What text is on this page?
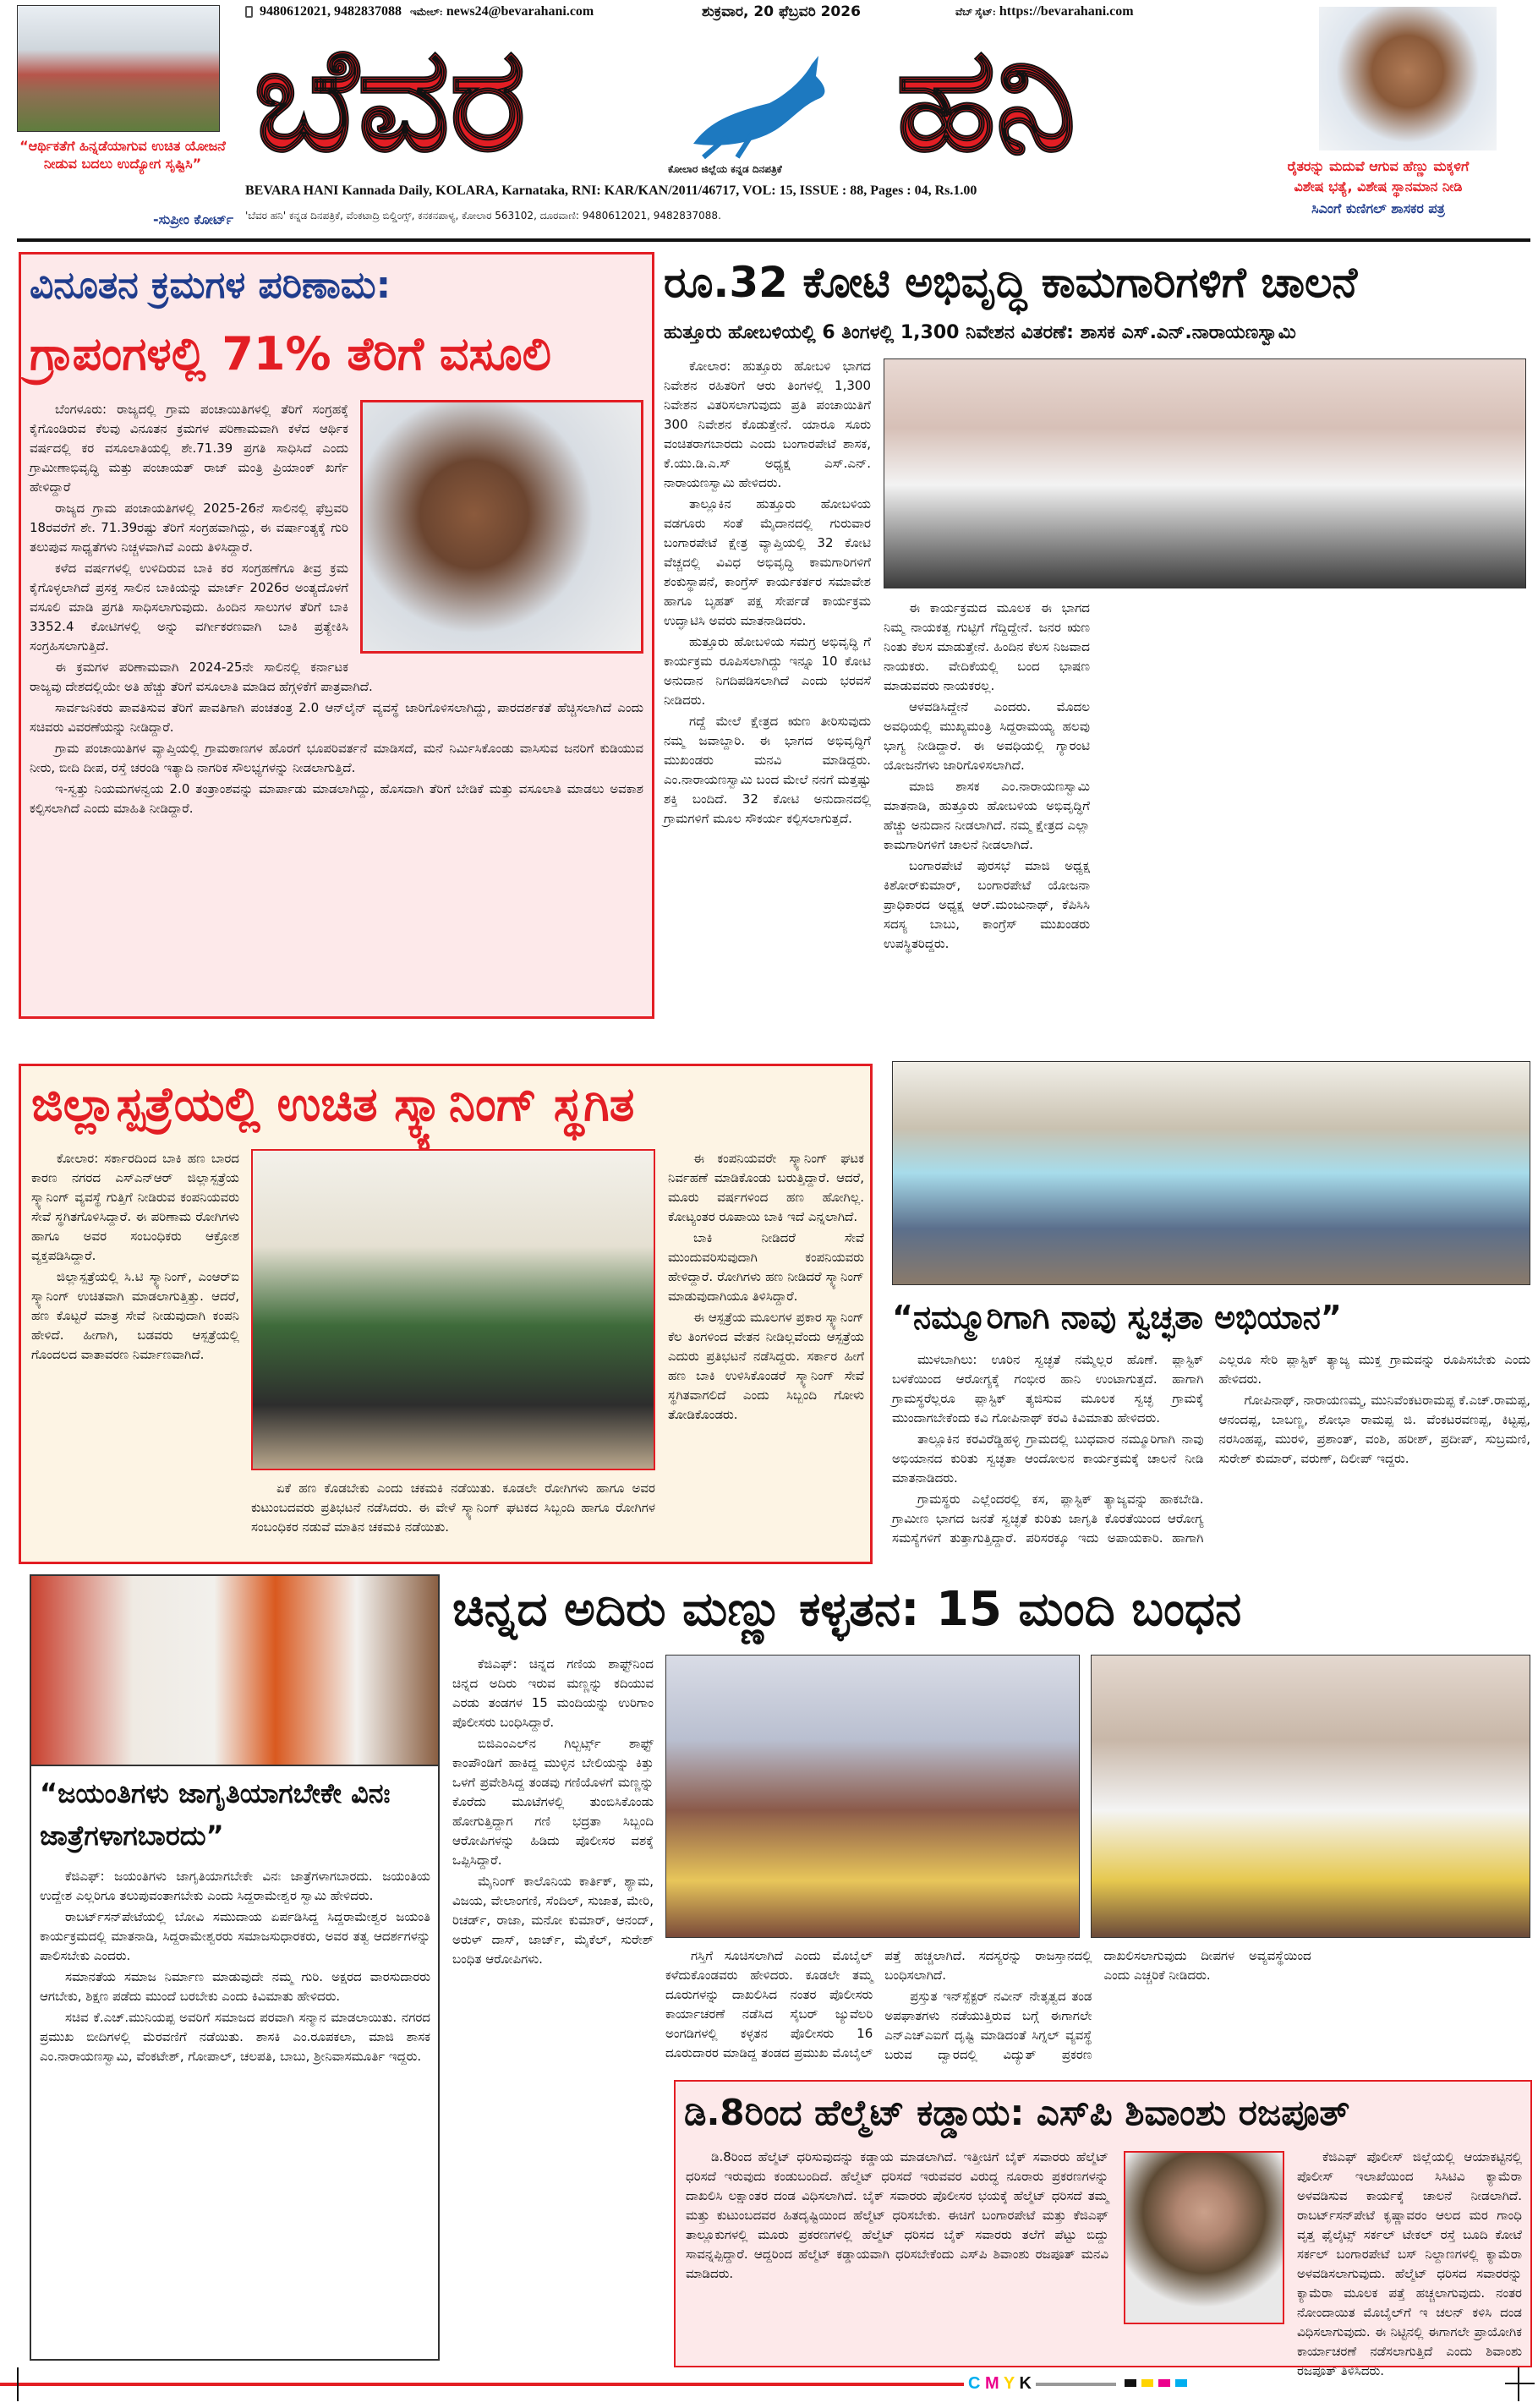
“ಆರ್ಥಿಕತೆಗೆ ಹಿನ್ನಡೆಯಾಗುವ ಉಚಿತ ಯೋಜನೆ ನೀಡುವ ಬದಲು ಉದ್ಯೋಗ ಸೃಷ್ಟಿಸಿ”
-ಸುಪ್ರೀಂ ಕೋರ್ಟ್
9480612021, 9482837088 ಇಮೇಲ್: news24@bevarahani.com	ಶುಕ್ರವಾರ, 20 ಫೆಬ್ರವರಿ 2026	ವೆಬ್ ಸೈಟ್: https://bevarahani.com
ಬೆವರ	ಹನಿ
ಕೋಲಾರ ಜಿಲ್ಲೆಯ ಕನ್ನಡ ದಿನಪತ್ರಿಕೆ
BEVARA HANI Kannada Daily, KOLARA, Karnataka, RNI: KAR/KAN/2011/46717, VOL: 15, ISSUE : 88, Pages : 04, Rs.1.00
'ಬೆವರ ಹನಿ' ಕನ್ನಡ ದಿನಪತ್ರಿಕೆ, ವೆಂಕಟಾದ್ರಿ ಬಿಲ್ಡಿಂಗ್ಸ್, ಕನಕನಪಾಳ್ಯ, ಕೋಲಾರ 563102, ದೂರವಾಣಿ: 9480612021, 9482837088.
ರೈತರನ್ನು ಮದುವೆ ಆಗುವ ಹೆಣ್ಣು ಮಕ್ಕಳಿಗೆ
ವಿಶೇಷ ಭತ್ಯೆ, ವಿಶೇಷ ಸ್ಥಾನಮಾನ ನೀಡಿ
ಸಿಎಂಗೆ ಕುಣಿಗಲ್ ಶಾಸಕರ ಪತ್ರ
ವಿನೂತನ ಕ್ರಮಗಳ ಪರಿಣಾಮ:
ಗ್ರಾಪಂಗಳಲ್ಲಿ 71% ತೆರಿಗೆ ವಸೂಲಿ

ಬೆಂಗಳೂರು: ರಾಜ್ಯದಲ್ಲಿ ಗ್ರಾಮ ಪಂಚಾಯಿತಿಗಳಲ್ಲಿ ತೆರಿಗೆ ಸಂಗ್ರಹಕ್ಕೆ ಕೈಗೊಂಡಿರುವ ಕೆಲವು ವಿನೂತನ ಕ್ರಮಗಳ ಪರಿಣಾಮವಾಗಿ ಕಳೆದ ಆರ್ಥಿಕ ವರ್ಷದಲ್ಲಿ ಕರ ವಸೂಲಾತಿಯಲ್ಲಿ ಶೇ.71.39 ಪ್ರಗತಿ ಸಾಧಿಸಿದೆ ಎಂದು ಗ್ರಾಮೀಣಾಭಿವೃದ್ಧಿ ಮತ್ತು ಪಂಚಾಯತ್ ರಾಜ್ ಮಂತ್ರಿ ಪ್ರಿಯಾಂಕ್ ಖರ್ಗೆ ಹೇಳಿದ್ದಾರೆ

ರಾಜ್ಯದ ಗ್ರಾಮ ಪಂಚಾಯತಿಗಳಲ್ಲಿ 2025-26ನೆ ಸಾಲಿನಲ್ಲಿ ಫೆಬ್ರವರಿ 18ರವರೆಗೆ ಶೇ. 71.39ರಷ್ಟು ತೆರಿಗೆ ಸಂಗ್ರಹವಾಗಿದ್ದು, ಈ ವರ್ಷಾಂತ್ಯಕ್ಕೆ ಗುರಿ ತಲುಪುವ ಸಾಧ್ಯತೆಗಳು ನಿಚ್ಚಳವಾಗಿವೆ ಎಂದು ತಿಳಿಸಿದ್ದಾರೆ.

ಕಳೆದ ವರ್ಷಗಳಲ್ಲಿ ಉಳಿದಿರುವ ಬಾಕಿ ಕರ ಸಂಗ್ರಹಣೆಗೂ ತೀವ್ರ ಕ್ರಮ ಕೈಗೊಳ್ಳಲಾಗಿದೆ ಪ್ರಸಕ್ತ ಸಾಲಿನ ಬಾಕಿಯನ್ನು ಮಾರ್ಚ್ 2026ರ ಅಂತ್ಯದೊಳಗೆ ವಸೂಲಿ ಮಾಡಿ ಪ್ರಗತಿ ಸಾಧಿಸಲಾಗುವುದು. ಹಿಂದಿನ ಸಾಲುಗಳ ತೆರಿಗೆ ಬಾಕಿ 3352.4 ಕೋಟಿಗಳಲ್ಲಿ ಅನ್ನು ವರ್ಗೀಕರಣವಾಗಿ ಬಾಕಿ ಪ್ರತ್ಯೇಕಿಸಿ ಸಂಗ್ರಹಿಸಲಾಗುತ್ತಿದೆ.

ಈ ಕ್ರಮಗಳ ಪರಿಣಾಮವಾಗಿ 2024-25ನೇ ಸಾಲಿನಲ್ಲಿ ಕರ್ನಾಟಕ ರಾಜ್ಯವು ದೇಶದಲ್ಲಿಯೇ ಅತಿ ಹೆಚ್ಚು ತೆರಿಗೆ ವಸೂಲಾತಿ ಮಾಡಿದ ಹೆಗ್ಗಳಿಕೆಗೆ ಪಾತ್ರವಾಗಿದೆ.

ಸಾರ್ವಜನಿಕರು ಪಾವತಿಸುವ ತೆರಿಗೆ ಪಾವತಿಗಾಗಿ ಪಂಚತಂತ್ರ 2.0 ಆನ್‌ಲೈನ್ ವ್ಯವಸ್ಥೆ ಜಾರಿಗೊಳಿಸಲಾಗಿದ್ದು, ಪಾರದರ್ಶಕತೆ ಹೆಚ್ಚಿಸಲಾಗಿದೆ ಎಂದು ಸಚಿವರು ವಿವರಣೆಯನ್ನು ನೀಡಿದ್ದಾರೆ.

ಗ್ರಾಮ ಪಂಚಾಯಿತಿಗಳ ವ್ಯಾಪ್ತಿಯಲ್ಲಿ ಗ್ರಾಮಠಾಣಗಳ ಹೊರಗೆ ಭೂಪರಿವರ್ತನೆ ಮಾಡಿಸದೆ, ಮನೆ ನಿರ್ಮಿಸಿಕೊಂಡು ವಾಸಿಸುವ ಜನರಿಗೆ ಕುಡಿಯುವ ನೀರು, ಬೀದಿ ದೀಪ, ರಸ್ತೆ ಚರಂಡಿ ಇತ್ಯಾದಿ ನಾಗರಿಕ ಸೌಲಭ್ಯಗಳನ್ನು ನೀಡಲಾಗುತ್ತಿದೆ.

ಇ-ಸ್ವತ್ತು ನಿಯಮಗಳನ್ವಯ 2.0 ತಂತ್ರಾಂಶವನ್ನು ಮಾರ್ಪಾಡು ಮಾಡಲಾಗಿದ್ದು, ಹೊಸದಾಗಿ ತೆರಿಗೆ ಬೇಡಿಕೆ ಮತ್ತು ವಸೂಲಾತಿ ಮಾಡಲು ಅವಕಾಶ ಕಲ್ಪಿಸಲಾಗಿದೆ ಎಂದು ಮಾಹಿತಿ ನೀಡಿದ್ದಾರೆ.

ರೂ.32 ಕೋಟಿ ಅಭಿವೃದ್ಧಿ ಕಾಮಗಾರಿಗಳಿಗೆ ಚಾಲನೆ
ಹುತ್ತೂರು ಹೋಬಳಿಯಲ್ಲಿ 6 ತಿಂಗಳಲ್ಲಿ 1,300 ನಿವೇಶನ ವಿತರಣೆ: ಶಾಸಕ ಎಸ್.ಎನ್.ನಾರಾಯಣಸ್ವಾಮಿ

ಕೋಲಾರ: ಹುತ್ತೂರು ಹೋಬಳಿ ಭಾಗದ ನಿವೇಶನ ರಹಿತರಿಗೆ ಆರು ತಿಂಗಳಲ್ಲಿ 1,300 ನಿವೇಶನ ವಿತರಿಸಲಾಗುವುದು ಪ್ರತಿ ಪಂಚಾಯಿತಿಗೆ 300 ನಿವೇಶನ ಕೊಡುತ್ತೇನೆ. ಯಾರೂ ಸೂರು ವಂಚಿತರಾಗಬಾರದು ಎಂದು ಬಂಗಾರಪೇಟೆ ಶಾಸಕ, ಕೆ.ಯು.ಡಿ.ಎ.ಸ್ ಅಧ್ಯಕ್ಷ ಎಸ್.ಎನ್. ನಾರಾಯಣಸ್ವಾಮಿ ಹೇಳಿದರು.

ತಾಲ್ಲೂಕಿನ ಹುತ್ತೂರು ಹೋಬಳಿಯ ವಡಗೂರು ಸಂತೆ ಮೈದಾನದಲ್ಲಿ ಗುರುವಾರ ಬಂಗಾರಪೇಟೆ ಕ್ಷೇತ್ರ ವ್ಯಾಪ್ತಿಯಲ್ಲಿ 32 ಕೋಟಿ ವೆಚ್ಚದಲ್ಲಿ ವಿವಿಧ ಅಭಿವೃದ್ಧಿ ಕಾಮಗಾರಿಗಳಿಗೆ ಶಂಕುಸ್ಥಾಪನೆ, ಕಾಂಗ್ರೆಸ್ ಕಾರ್ಯಕರ್ತರ ಸಮಾವೇಶ ಹಾಗೂ ಬೃಹತ್ ಪಕ್ಷ ಸೇರ್ಪಡೆ ಕಾರ್ಯಕ್ರಮ ಉದ್ಘಾಟಿಸಿ ಅವರು ಮಾತನಾಡಿದರು.

ಹುತ್ತೂರು ಹೋಬಳಿಯ ಸಮಗ್ರ ಅಭಿವೃದ್ಧಿ ಗೆ ಕಾರ್ಯಕ್ರಮ ರೂಪಿಸಲಾಗಿದ್ದು ಇನ್ನೂ 10 ಕೋಟಿ ಅನುದಾನ ನಿಗದಿಪಡಿಸಲಾಗಿದೆ ಎಂದು ಭರವಸೆ ನೀಡಿದರು.

ಗದ್ದೆ ಮೇಲೆ ಕ್ಷೇತ್ರದ ಋಣ ತೀರಿಸುವುದು ನಮ್ಮ ಜವಾಬ್ದಾರಿ. ಈ ಭಾಗದ ಅಭಿವೃದ್ಧಿಗೆ ಮುಖಂಡರು ಮನವಿ ಮಾಡಿದ್ದರು. ಎಂ.ನಾರಾಯಣಸ್ವಾಮಿ ಬಂದ ಮೇಲೆ ನನಗೆ ಮತ್ತಷ್ಟು ಶಕ್ತಿ ಬಂದಿದೆ. 32 ಕೋಟಿ ಅನುದಾನದಲ್ಲಿ ಗ್ರಾಮಗಳಿಗೆ ಮೂಲ ಸೌಕರ್ಯ ಕಲ್ಪಿಸಲಾಗುತ್ತದೆ.

ಈ ಕಾರ್ಯಕ್ರಮದ ಮೂಲಕ ಈ ಭಾಗದ ನಿಮ್ಮ ನಾಯಕತ್ವ ಗುಟ್ಟಿಗೆ ಗೆದ್ದಿದ್ದೇನೆ. ಜನರ ಋಣ ನಿಂತು ಕೆಲಸ ಮಾಡುತ್ತೇನೆ. ಹಿಂದಿನ ಕೆಲಸ ನಿಜವಾದ ನಾಯಕರು. ವೇದಿಕೆಯಲ್ಲಿ ಬಂದ ಭಾಷಣ ಮಾಡುವವರು ನಾಯಕರಲ್ಲ.

ಆಳವಡಿಸಿದ್ದೇನೆ ಎಂದರು. ಮೊದಲ ಅವಧಿಯಲ್ಲಿ ಮುಖ್ಯಮಂತ್ರಿ ಸಿದ್ದರಾಮಯ್ಯ ಹಲವು ಭಾಗ್ಯ ನೀಡಿದ್ದಾರೆ. ಈ ಅವಧಿಯಲ್ಲಿ ಗ್ಯಾರಂಟಿ ಯೋಜನೆಗಳು ಜಾರಿಗೊಳಿಸಲಾಗಿದೆ.

ಮಾಜಿ ಶಾಸಕ ಎಂ.ನಾರಾಯಣಸ್ವಾಮಿ ಮಾತನಾಡಿ, ಹುತ್ತೂರು ಹೋಬಳಿಯ ಅಭಿವೃದ್ಧಿಗೆ ಹೆಚ್ಚು ಅನುದಾನ ನೀಡಲಾಗಿದೆ. ನಮ್ಮ ಕ್ಷೇತ್ರದ ಎಲ್ಲಾ ಕಾಮಗಾರಿಗಳಿಗೆ ಚಾಲನೆ ನೀಡಲಾಗಿದೆ.

ಬಂಗಾರಪೇಟೆ ಪುರಸಭೆ ಮಾಜಿ ಅಧ್ಯಕ್ಷ ಕಿಶೋರ್‌ಕುಮಾರ್, ಬಂಗಾರಪೇಟೆ ಯೋಜನಾ ಪ್ರಾಧಿಕಾರದ ಅಧ್ಯಕ್ಷ ಆರ್.ಮಂಜುನಾಥ್, ಕೆಪಿಸಿಸಿ ಸದಸ್ಯ ಬಾಬು, ಕಾಂಗ್ರೆಸ್ ಮುಖಂಡರು ಉಪಸ್ಥಿತರಿದ್ದರು.

ಜಿಲ್ಲಾಸ್ಪತ್ರೆಯಲ್ಲಿ ಉಚಿತ ಸ್ಕ್ಯಾನಿಂಗ್ ಸ್ಥಗಿತ

ಕೋಲಾರ: ಸರ್ಕಾರದಿಂದ ಬಾಕಿ ಹಣ ಬಾರದ ಕಾರಣ ನಗರದ ಎಸ್‌ಎನ್‌ಆರ್ ಜಿಲ್ಲಾಸ್ಪತ್ರೆಯ ಸ್ಕ್ಯಾನಿಂಗ್ ವ್ಯವಸ್ಥೆ ಗುತ್ತಿಗೆ ನೀಡಿರುವ ಕಂಪನಿಯವರು ಸೇವೆ ಸ್ಥಗಿತಗೊಳಿಸಿದ್ದಾರೆ. ಈ ಪರಿಣಾಮ ರೋಗಿಗಳು ಹಾಗೂ ಅವರ ಸಂಬಂಧಿಕರು ಆಕ್ರೋಶ ವ್ಯಕ್ತಪಡಿಸಿದ್ದಾರೆ.

ಜಿಲ್ಲಾಸ್ಪತ್ರೆಯಲ್ಲಿ ಸಿ.ಟಿ ಸ್ಕ್ಯಾನಿಂಗ್, ಎಂಆರ್‌ಐ ಸ್ಕ್ಯಾನಿಂಗ್ ಉಚಿತವಾಗಿ ಮಾಡಲಾಗುತ್ತಿತ್ತು. ಆದರೆ, ಹಣ ಕೊಟ್ಟರೆ ಮಾತ್ರ ಸೇವೆ ನೀಡುವುದಾಗಿ ಕಂಪನಿ ಹೇಳಿದೆ. ಹೀಗಾಗಿ, ಬಡವರು ಆಸ್ಪತ್ರೆಯಲ್ಲಿ ಗೊಂದಲದ ವಾತಾವರಣ ನಿರ್ಮಾಣವಾಗಿದೆ.

ಏಕೆ ಹಣ ಕೊಡಬೇಕು ಎಂದು ಚಕಮಕಿ ನಡೆಯಿತು. ಕೂಡಲೇ ರೋಗಿಗಳು ಹಾಗೂ ಅವರ ಕುಟುಂಬದವರು ಪ್ರತಿಭಟನೆ ನಡೆಸಿದರು. ಈ ವೇಳೆ ಸ್ಕ್ಯಾನಿಂಗ್ ಘಟಕದ ಸಿಬ್ಬಂದಿ ಹಾಗೂ ರೋಗಿಗಳ ಸಂಬಂಧಿಕರ ನಡುವೆ ಮಾತಿನ ಚಕಮಕಿ ನಡೆಯಿತು.

ಈ ಕಂಪನಿಯವರೇ ಸ್ಕ್ಯಾನಿಂಗ್ ಘಟಕ ನಿರ್ವಹಣೆ ಮಾಡಿಕೊಂಡು ಬರುತ್ತಿದ್ದಾರೆ. ಆದರೆ, ಮೂರು ವರ್ಷಗಳಿಂದ ಹಣ ಹೋಗಿಲ್ಲ. ಕೋಟ್ಯಂತರ ರೂಪಾಯಿ ಬಾಕಿ ಇದೆ ಎನ್ನಲಾಗಿದೆ.

ಬಾಕಿ ನೀಡಿದರೆ ಸೇವೆ ಮುಂದುವರಿಸುವುದಾಗಿ ಕಂಪನಿಯವರು ಹೇಳಿದ್ದಾರೆ. ರೋಗಿಗಳು ಹಣ ನೀಡಿದರೆ ಸ್ಕ್ಯಾನಿಂಗ್ ಮಾಡುವುದಾಗಿಯೂ ತಿಳಿಸಿದ್ದಾರೆ.

ಈ ಆಸ್ಪತ್ರೆಯ ಮೂಲಗಳ ಪ್ರಕಾರ ಸ್ಕ್ಯಾನಿಂಗ್ ಕೆಲ ತಿಂಗಳಿಂದ ವೇತನ ನೀಡಿಲ್ಲವೆಂದು ಆಸ್ಪತ್ರೆಯ ಎದುರು ಪ್ರತಿಭಟನೆ ನಡೆಸಿದ್ದರು. ಸರ್ಕಾರ ಹೀಗೆ ಹಣ ಬಾಕಿ ಉಳಿಸಿಕೊಂಡರೆ ಸ್ಕ್ಯಾನಿಂಗ್ ಸೇವೆ ಸ್ಥಗಿತವಾಗಲಿದೆ ಎಂದು ಸಿಬ್ಬಂದಿ ಗೋಳು ತೋಡಿಕೊಂಡರು.

“ನಮ್ಮೂರಿಗಾಗಿ ನಾವು ಸ್ವಚ್ಛತಾ ಅಭಿಯಾನ”

ಮುಳಬಾಗಿಲು: ಊರಿನ ಸ್ವಚ್ಛತೆ ನಮ್ಮೆಲ್ಲರ ಹೊಣೆ. ಪ್ಲಾಸ್ಟಿಕ್ ಬಳಕೆಯಿಂದ ಆರೋಗ್ಯಕ್ಕೆ ಗಂಭೀರ ಹಾನಿ ಉಂಟಾಗುತ್ತದೆ. ಹಾಗಾಗಿ ಗ್ರಾಮಸ್ಥರೆಲ್ಲರೂ ಪ್ಲಾಸ್ಟಿಕ್ ತ್ಯಜಿಸುವ ಮೂಲಕ ಸ್ವಚ್ಛ ಗ್ರಾಮಕ್ಕೆ ಮುಂದಾಗಬೇಕೆಂದು ಕವಿ ಗೋಪಿನಾಥ್ ಕರವಿ ಕಿವಿಮಾತು ಹೇಳಿದರು.

ತಾಲ್ಲೂಕಿನ ಕರವಿರೆಡ್ಡಿಹಳ್ಳಿ ಗ್ರಾಮದಲ್ಲಿ ಬುಧವಾರ ನಮ್ಮೂರಿಗಾಗಿ ನಾವು ಅಭಿಯಾನದ ಕುರಿತು ಸ್ವಚ್ಛತಾ ಆಂದೋಲನ ಕಾರ್ಯಕ್ರಮಕ್ಕೆ ಚಾಲನೆ ನೀಡಿ ಮಾತನಾಡಿದರು.

ಗ್ರಾಮಸ್ಥರು ಎಲ್ಲೆಂದರಲ್ಲಿ ಕಸ, ಪ್ಲಾಸ್ಟಿಕ್ ತ್ಯಾಜ್ಯವನ್ನು ಹಾಕಬೇಡಿ. ಗ್ರಾಮೀಣ ಭಾಗದ ಜನತೆ ಸ್ವಚ್ಛತೆ ಕುರಿತು ಜಾಗೃತಿ ಕೊರತೆಯಿಂದ ಆರೋಗ್ಯ ಸಮಸ್ಯೆಗಳಿಗೆ ತುತ್ತಾಗುತ್ತಿದ್ದಾರೆ. ಪರಿಸರಕ್ಕೂ ಇದು ಅಪಾಯಕಾರಿ. ಹಾಗಾಗಿ ಎಲ್ಲರೂ ಸೇರಿ ಪ್ಲಾಸ್ಟಿಕ್ ತ್ಯಾಜ್ಯ ಮುಕ್ತ ಗ್ರಾಮವನ್ನು ರೂಪಿಸಬೇಕು ಎಂದು ಹೇಳಿದರು.

ಗೋಪಿನಾಥ್, ನಾರಾಯಣಮ್ಮ, ಮುನಿವೆಂಕಟರಾಮಪ್ಪ ಕೆ.ಎಚ್.ರಾಮಪ್ಪ, ಆನಂದಪ್ಪ, ಬಾಬಣ್ಣ, ಶೋಭಾ ರಾಮಪ್ಪ ಜಿ. ವೆಂಕಟರವಣಪ್ಪ, ಕಿಟ್ಟಪ್ಪ, ನರಸಿಂಹಪ್ಪ, ಮುರಳಿ, ಪ್ರಶಾಂತ್, ವಂಶಿ, ಹರೀಶ್, ಪ್ರದೀಪ್, ಸುಬ್ರಮಣಿ, ಸುರೇಶ್ ಕುಮಾರ್, ವರುಣ್, ದಿಲೀಪ್ ಇದ್ದರು.

“ಜಯಂತಿಗಳು ಜಾಗೃತಿಯಾಗಬೇಕೇ ವಿನಃ ಜಾತ್ರೆಗಳಾಗಬಾರದು”

ಕೆಜಿಎಫ್: ಜಯಂತಿಗಳು ಜಾಗೃತಿಯಾಗಬೇಕೇ ವಿನಃ ಜಾತ್ರೆಗಳಾಗಬಾರದು. ಜಯಂತಿಯ ಉದ್ದೇಶ ಎಲ್ಲರಿಗೂ ತಲುಪುವಂತಾಗಬೇಕು ಎಂದು ಸಿದ್ದರಾಮೇಶ್ವರ ಸ್ವಾಮಿ ಹೇಳಿದರು.

ರಾಬರ್ಟ್‌ಸನ್‌ಪೇಟೆಯಲ್ಲಿ ಬೋವಿ ಸಮುದಾಯ ಏರ್ಪಡಿಸಿದ್ದ ಸಿದ್ದರಾಮೇಶ್ವರ ಜಯಂತಿ ಕಾರ್ಯಕ್ರಮದಲ್ಲಿ ಮಾತನಾಡಿ, ಸಿದ್ದರಾಮೇಶ್ವರರು ಸಮಾಜಸುಧಾರಕರು, ಅವರ ತತ್ವ ಆದರ್ಶಗಳನ್ನು ಪಾಲಿಸಬೇಕು ಎಂದರು.

ಸಮಾನತೆಯ ಸಮಾಜ ನಿರ್ಮಾಣ ಮಾಡುವುದೇ ನಮ್ಮ ಗುರಿ. ಅಕ್ಷರದ ವಾರಸುದಾರರು ಆಗಬೇಕು, ಶಿಕ್ಷಣ ಪಡೆದು ಮುಂದೆ ಬರಬೇಕು ಎಂದು ಕಿವಿಮಾತು ಹೇಳಿದರು.

ಸಚಿವ ಕೆ.ಎಚ್.ಮುನಿಯಪ್ಪ ಅವರಿಗೆ ಸಮಾಜದ ಪರವಾಗಿ ಸನ್ಮಾನ ಮಾಡಲಾಯಿತು. ನಗರದ ಪ್ರಮುಖ ಬೀದಿಗಳಲ್ಲಿ ಮೆರವಣಿಗೆ ನಡೆಯಿತು. ಶಾಸಕಿ ಎಂ.ರೂಪಕಲಾ, ಮಾಜಿ ಶಾಸಕ ಎಂ.ನಾರಾಯಣಸ್ವಾಮಿ, ವೆಂಕಟೇಶ್, ಗೋಪಾಲ್, ಚಲಪತಿ, ಬಾಬು, ಶ್ರೀನಿವಾಸಮೂರ್ತಿ ಇದ್ದರು.

ಚಿನ್ನದ ಅದಿರು ಮಣ್ಣು ಕಳ್ಳತನ: 15 ಮಂದಿ ಬಂಧನ

ಕೆಜಿಎಫ್: ಚಿನ್ನದ ಗಣಿಯ ಶಾಫ್ಟ್‌ನಿಂದ ಚಿನ್ನದ ಅದಿರು ಇರುವ ಮಣ್ಣನ್ನು ಕದಿಯುವ ಎರಡು ತಂಡಗಳ 15 ಮಂದಿಯನ್ನು ಉರಿಗಾಂ ಪೊಲೀಸರು ಬಂಧಿಸಿದ್ದಾರೆ.

ಬಿಜಿಎಂಎಲ್‌ನ ಗಿಲ್ಬರ್ಟ್ಸ್ ಶಾಫ್ಟ್ ಕಾಂಪೌಂಡಿಗೆ ಹಾಕಿದ್ದ ಮುಳ್ಳಿನ ಬೇಲಿಯನ್ನು ಕಿತ್ತು ಒಳಗೆ ಪ್ರವೇಶಿಸಿದ್ದ ತಂಡವು ಗಣಿಯೊಳಗೆ ಮಣ್ಣನ್ನು ಕೊರೆದು ಮೂಟೆಗಳಲ್ಲಿ ತುಂಬಿಸಿಕೊಂಡು ಹೋಗುತ್ತಿದ್ದಾಗ ಗಣಿ ಭದ್ರತಾ ಸಿಬ್ಬಂದಿ ಆರೋಪಿಗಳನ್ನು ಹಿಡಿದು ಪೊಲೀಸರ ವಶಕ್ಕೆ ಒಪ್ಪಿಸಿದ್ದಾರೆ.

ಮೈನಿಂಗ್ ಕಾಲೊನಿಯ ಕಾರ್ತಿಕ್, ಶ್ಯಾಮ, ವಿಜಯ, ವೇಲಾಂಗಣಿ, ಸೆಂದಿಲ್, ಸುಜಾತ, ಮೇರಿ, ರಿಚರ್ಡ್, ರಾಜಾ, ಮನೋ ಕುಮಾರ್, ಆನಂದ್, ಅರುಳ್ ದಾಸ್, ಜಾರ್ಜ್, ಮೈಕೆಲ್, ಸುರೇಶ್ ಬಂಧಿತ ಆರೋಪಿಗಳು.	ಗಸ್ತಿಗೆ ಸೂಚಿಸಲಾಗಿದೆ ಎಂದು ಮೊಬೈಲ್ ಕಳೆದುಕೊಂಡವರು ಹೇಳಿದರು. ಕೂಡಲೇ ತಮ್ಮ ದೂರುಗಳನ್ನು ದಾಖಲಿಸಿದ ನಂತರ ಪೊಲೀಸರು ಕಾರ್ಯಾಚರಣೆ ನಡೆಸಿದ ಸೈಬರ್ ಜ್ಯುವೆಲರಿ ಅಂಗಡಿಗಳಲ್ಲಿ ಕಳ್ಳತನ ಪೊಲೀಸರು 16 ದೂರುದಾರರ ಮಾಡಿದ್ದ ತಂಡದ ಪ್ರಮುಖ ಮೊಬೈಲ್ ಪತ್ತೆ ಹಚ್ಚಲಾಗಿದೆ. ಸದಸ್ಯರನ್ನು ರಾಜಸ್ತಾನದಲ್ಲಿ ಬಂಧಿಸಲಾಗಿದೆ.

ಪ್ರಸ್ತುತ ಇನ್‌ಸ್ಪೆಕ್ಟರ್ ನವೀನ್ ನೇತೃತ್ವದ ತಂಡ ಅಪಘಾತಗಳು ನಡೆಯುತ್ತಿರುವ ಬಗ್ಗೆ ಈಗಾಗಲೇ ಎನ್‌ಎಚ್‌ಎಐಗೆ ದೃಷ್ಟಿ ಮಾಡಿದಂತೆ ಸಿಗ್ನಲ್ ವ್ಯವಸ್ಥೆ ಬರುವ ದ್ವಾರದಲ್ಲಿ ವಿದ್ಯುತ್ ಪ್ರಕರಣ ದಾಖಲಿಸಲಾಗುವುದು ದೀಪಗಳ ಅವ್ಯವಸ್ಥೆಯಿಂದ ಎಂದು ಎಚ್ಚರಿಕೆ ನೀಡಿದರು.

ಡಿ.8ರಿಂದ ಹೆಲ್ಮೆಟ್ ಕಡ್ಡಾಯ: ಎಸ್‌ಪಿ ಶಿವಾಂಶು ರಜಪೂತ್

ಡಿ.8ರಿಂದ ಹೆಲ್ಮೆಟ್ ಧರಿಸುವುದನ್ನು ಕಡ್ಡಾಯ ಮಾಡಲಾಗಿದೆ. ಇತ್ತೀಚಿಗೆ ಬೈಕ್ ಸವಾರರು ಹೆಲ್ಮೆಟ್ ಧರಿಸದೆ ಇರುವುದು ಕಂಡುಬಂದಿದೆ. ಹೆಲ್ಮೆಟ್ ಧರಿಸದೆ ಇರುವವರ ವಿರುದ್ಧ ನೂರಾರು ಪ್ರಕರಣಗಳನ್ನು ದಾಖಲಿಸಿ ಲಕ್ಷಾಂತರ ದಂಡ ವಿಧಿಸಲಾಗಿದೆ. ಬೈಕ್ ಸವಾರರು ಪೊಲೀಸರ ಭಯಕ್ಕೆ ಹೆಲ್ಮೆಟ್ ಧರಿಸದೆ ತಮ್ಮ ಮತ್ತು ಕುಟುಂಬದವರ ಹಿತದೃಷ್ಟಿಯಿಂದ ಹೆಲ್ಮೆಟ್ ಧರಿಸಬೇಕು. ಈಚಿಗೆ ಬಂಗಾರಪೇಟೆ ಮತ್ತು ಕೆಜಿಎಫ್ ತಾಲ್ಲೂಕುಗಳಲ್ಲಿ ಮೂರು ಪ್ರಕರಣಗಳಲ್ಲಿ ಹೆಲ್ಮೆಟ್ ಧರಿಸದ ಬೈಕ್ ಸವಾರರು ತಲೆಗೆ ಪೆಟ್ಟು ಬಿದ್ದು ಸಾವನ್ನಪ್ಪಿದ್ದಾರೆ. ಆದ್ದರಿಂದ ಹೆಲ್ಮೆಟ್ ಕಡ್ಡಾಯವಾಗಿ ಧರಿಸಬೇಕೆಂದು ಎಸ್‌ಪಿ ಶಿವಾಂಶು ರಜಪೂತ್ ಮನವಿ ಮಾಡಿದರು.

ಕೆಜಿಎಫ್ ಪೊಲೀಸ್ ಜಿಲ್ಲೆಯಲ್ಲಿ ಆಯಾಕಟ್ಟಿನಲ್ಲಿ ಪೊಲೀಸ್ ಇಲಾಖೆಯಿಂದ ಸಿಸಿಟಿವಿ ಕ್ಯಾಮೆರಾ ಅಳವಡಿಸುವ ಕಾರ್ಯಕ್ಕೆ ಚಾಲನೆ ನೀಡಲಾಗಿದೆ. ರಾಬರ್ಟ್‌ಸನ್‌ಪೇಟೆ ಕೃಷ್ಣಾವರಂ ಆಲದ ಮರ ಗಾಂಧಿ ವೃತ್ತ ಫೈಲೈಟ್ಸ್ ಸರ್ಕಲ್ ಟೇಕಲ್ ರಸ್ತೆ ಬೂದಿ ಕೋಟೆ ಸರ್ಕಲ್ ಬಂಗಾರಪೇಟೆ ಬಸ್ ನಿಲ್ದಾಣಗಳಲ್ಲಿ ಕ್ಯಾಮೆರಾ ಅಳವಡಿಸಲಾಗುವುದು. ಹೆಲ್ಮೆಟ್ ಧರಿಸದ ಸವಾರರನ್ನು ಕ್ಯಾಮೆರಾ ಮೂಲಕ ಪತ್ತೆ ಹಚ್ಚಲಾಗುವುದು. ನಂತರ ನೋಂದಾಯಿತ ಮೊಬೈಲ್‌ಗೆ ಇ ಚಲನ್ ಕಳಿಸಿ ದಂಡ ವಿಧಿಸಲಾಗುವುದು. ಈ ನಿಟ್ಟಿನಲ್ಲಿ ಈಗಾಗಲೇ ಪ್ರಾಯೋಗಿಕ ಕಾರ್ಯಾಚರಣೆ ನಡೆಸಲಾಗುತ್ತಿದೆ ಎಂದು ಶಿವಾಂಶು ರಜಪೂತ್ ತಿಳಿಸಿದರು.

C M Y K
